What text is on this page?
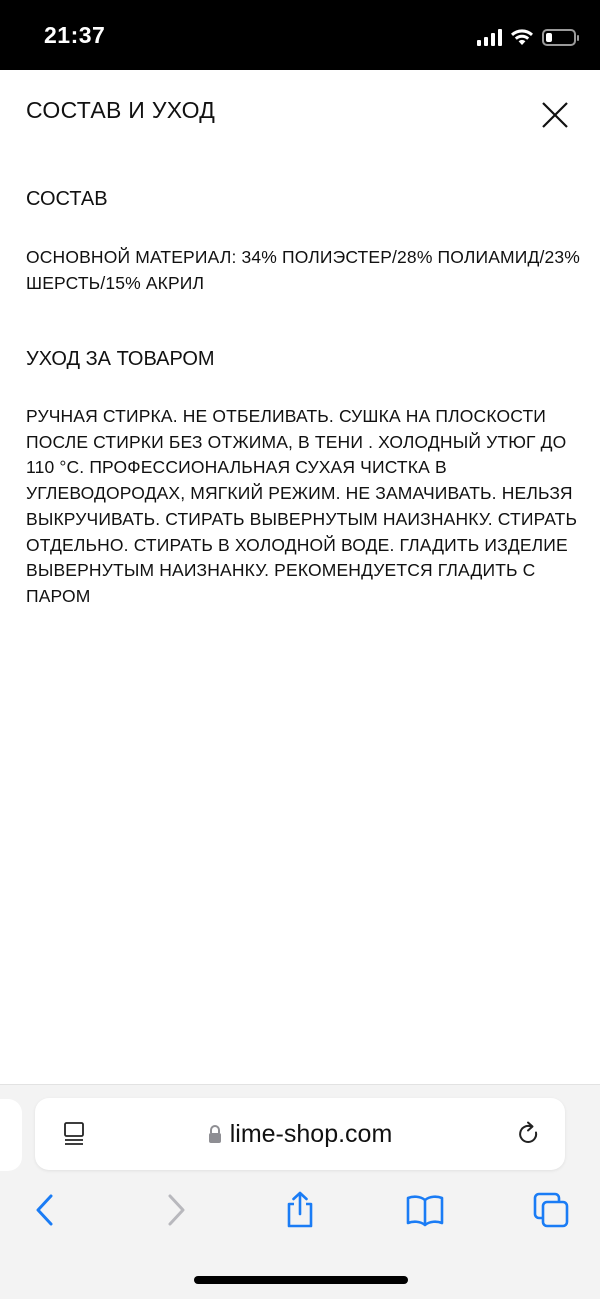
21:37
СОСТАВ И УХОД
СОСТАВ
ОСНОВНОЙ МАТЕРИАЛ: 34% ПОЛИЭСТЕР/28% ПОЛИАМИД/23% ШЕРСТЬ/15% АКРИЛ
УХОД ЗА ТОВАРОМ
РУЧНАЯ СТИРКА. НЕ ОТБЕЛИВАТЬ. СУШКА НА ПЛОСКОСТИ ПОСЛЕ СТИРКИ БЕЗ ОТЖИМА, В ТЕНИ . ХОЛОДНЫЙ УТЮГ ДО 110 °С. ПРОФЕССИОНАЛЬНАЯ СУХАЯ ЧИСТКА В УГЛЕВОДОРОДАХ, МЯГКИЙ РЕЖИМ. НЕ ЗАМАЧИВАТЬ. НЕЛЬЗЯ ВЫКРУЧИВАТЬ. СТИРАТЬ ВЫВЕРНУТЫМ НАИЗНАНКУ. СТИРАТЬ ОТДЕЛЬНО. СТИРАТЬ В ХОЛОДНОЙ ВОДЕ. ГЛАДИТЬ ИЗДЕЛИЕ ВЫВЕРНУТЫМ НАИЗНАНКУ. РЕКОМЕНДУЕТСЯ ГЛАДИТЬ С ПАРОМ
lime-shop.com
